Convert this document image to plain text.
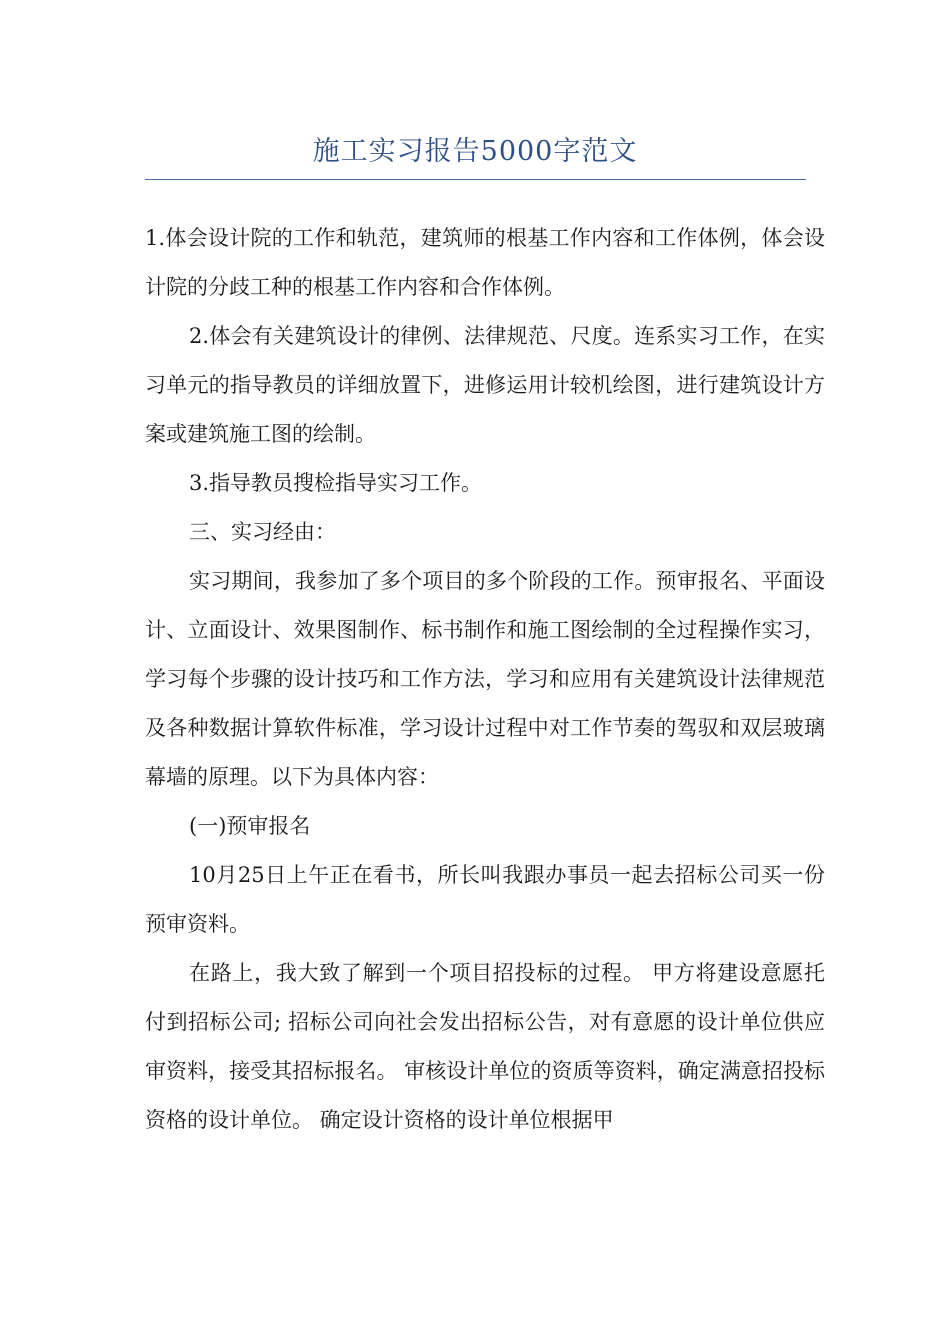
施工实习报告5000字范文

1.体会设计院的工作和轨范，建筑师的根基工作内容和工作体例，体会设计院的分歧工种的根基工作内容和合作体例。

2.体会有关建筑设计的律例、法律规范、尺度。连系实习工作，在实习单元的指导教员的详细放置下，进修运用计较机绘图，进行建筑设计方案或建筑施工图的绘制。

3.指导教员搜检指导实习工作。

三、实习经由：

实习期间，我参加了多个项目的多个阶段的工作。预审报名、平面设计、立面设计、效果图制作、标书制作和施工图绘制的全过程操作实习，学习每个步骤的设计技巧和工作方法，学习和应用有关建筑设计法律规范及各种数据计算软件标准，学习设计过程中对工作节奏的驾驭和双层玻璃幕墙的原理。以下为具体内容：

(一)预审报名

10月25日上午正在看书，所长叫我跟办事员一起去招标公司买一份预审资料。

在路上，我大致了解到一个项目招投标的过程。 甲方将建设意愿托付到招标公司; 招标公司向社会发出招标公告，对有意愿的设计单位供应审资料，接受其招标报名。 审核设计单位的资质等资料，确定满意招投标资格的设计单位。 确定设计资格的设计单位根据甲
